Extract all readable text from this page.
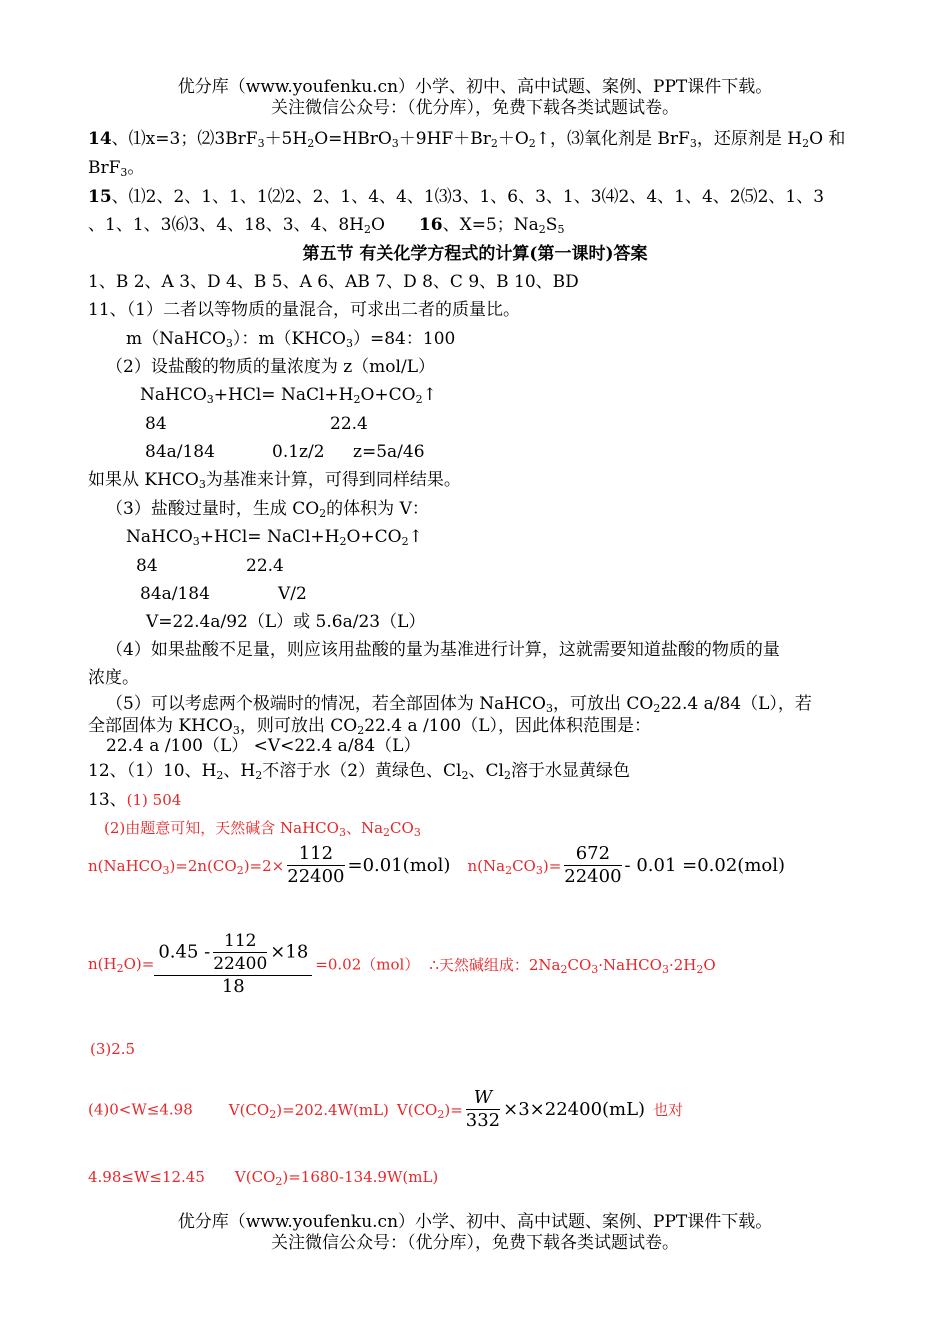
优分库（www.youfenku.cn）小学、初中、高中试题、案例、PPT课件下载。
关注微信公众号：（优分库），免费下载各类试题试卷。
14、⑴x=3；$⑵3BrF_3+5H_2O=HBrO_3+9HF+Br_2+O_2↑$，⑶氧化剂是 BrF$_3$，还原剂是 $H_2O$ 和
BrF$_3$。
15、⑴2、2、1、1、1⑵2、2、1、4、4、1⑶3、1、6、3、1、3⑷2、4、1、4、2⑸2、1、3
、1、1、3⑹3、4、18、3、4、$8H_2O$ 16、X=5；$Na_2S_5$
第五节 有关化学方程式的计算(第一课时)答案
1、B 2、A 3、D 4、B 5、A 6、AB 7、D 8、C 9、B 10、BD
11、（1）二者以等物质的量混合，可求出二者的质量比。
m（NaHCO$_3$）：$m(KHCO_3)=84$：100
（2）设盐酸的物质的量浓度为 z（mol/L）
NaHCO$_3$+HCl= $NaCl+H_2O+CO_2↑$
84	22.4
84a/184	0.1z/2 z=5a/46
如果从 $KHCO_3$为基准来计算，可得到同样结果。
（3）盐酸过量时，生成 $CO_2$的体积为 V：
NaHCO$_3$+HCl= $NaCl+H_2O+CO_2↑$
84	22.4
84a/184	V/2
V=22.4a/92（L）或 5.6a/23（L）
（4）如果盐酸不足量，则应该用盐酸的量为基准进行计算，这就需要知道盐酸的物质的量
浓度。
（5）可以考虑两个极端时的情况，若全部固体为 NaHCO$_3$，可放出 $CO_222.4$ a/84（L），若
全部固体为 $KHCO_3$，则可放出 $CO_222.4$ a /100（L），因此体积范围是：
22.4 a /100（L） <V<22.4 a/84（L）
12、（1）10、$H_2$、$H_2$不溶于水（2）黄绿色、$Cl_2$、$Cl_2$溶于水显黄绿色
13、(1) 504
(2)由题意可知，天然碱含 NaHCO$_3$、$Na_2CO_3$
$n(NaHCO_3)=2n(CO_2)=2\times \frac{112}{22400} =0.01(mol)$ $n(Na_2CO_3)= \frac{672}{22400} - 0.01 =0.02(mol)$
$n(H_2O)= \frac{0.45 - \frac{112}{22400} \times 18}{18} =0.02(mol)$ ∴天然碱组成：$2Na_2CO_3\cdot NaHCO_3\cdot 2H_2O$
(3)2.5
(4)0<W≤4.98 $V(CO_2)=202.4W(mL)$ $V(CO_2)= \frac{W}{332} \times 3\times 22400(mL)$ 也对
4.98≤W≤12.45 $V(CO_2)=1680-134.9W(mL)$
优分库（www.youfenku.cn）小学、初中、高中试题、案例、PPT课件下载。
关注微信公众号：（优分库），免费下载各类试题试卷。
